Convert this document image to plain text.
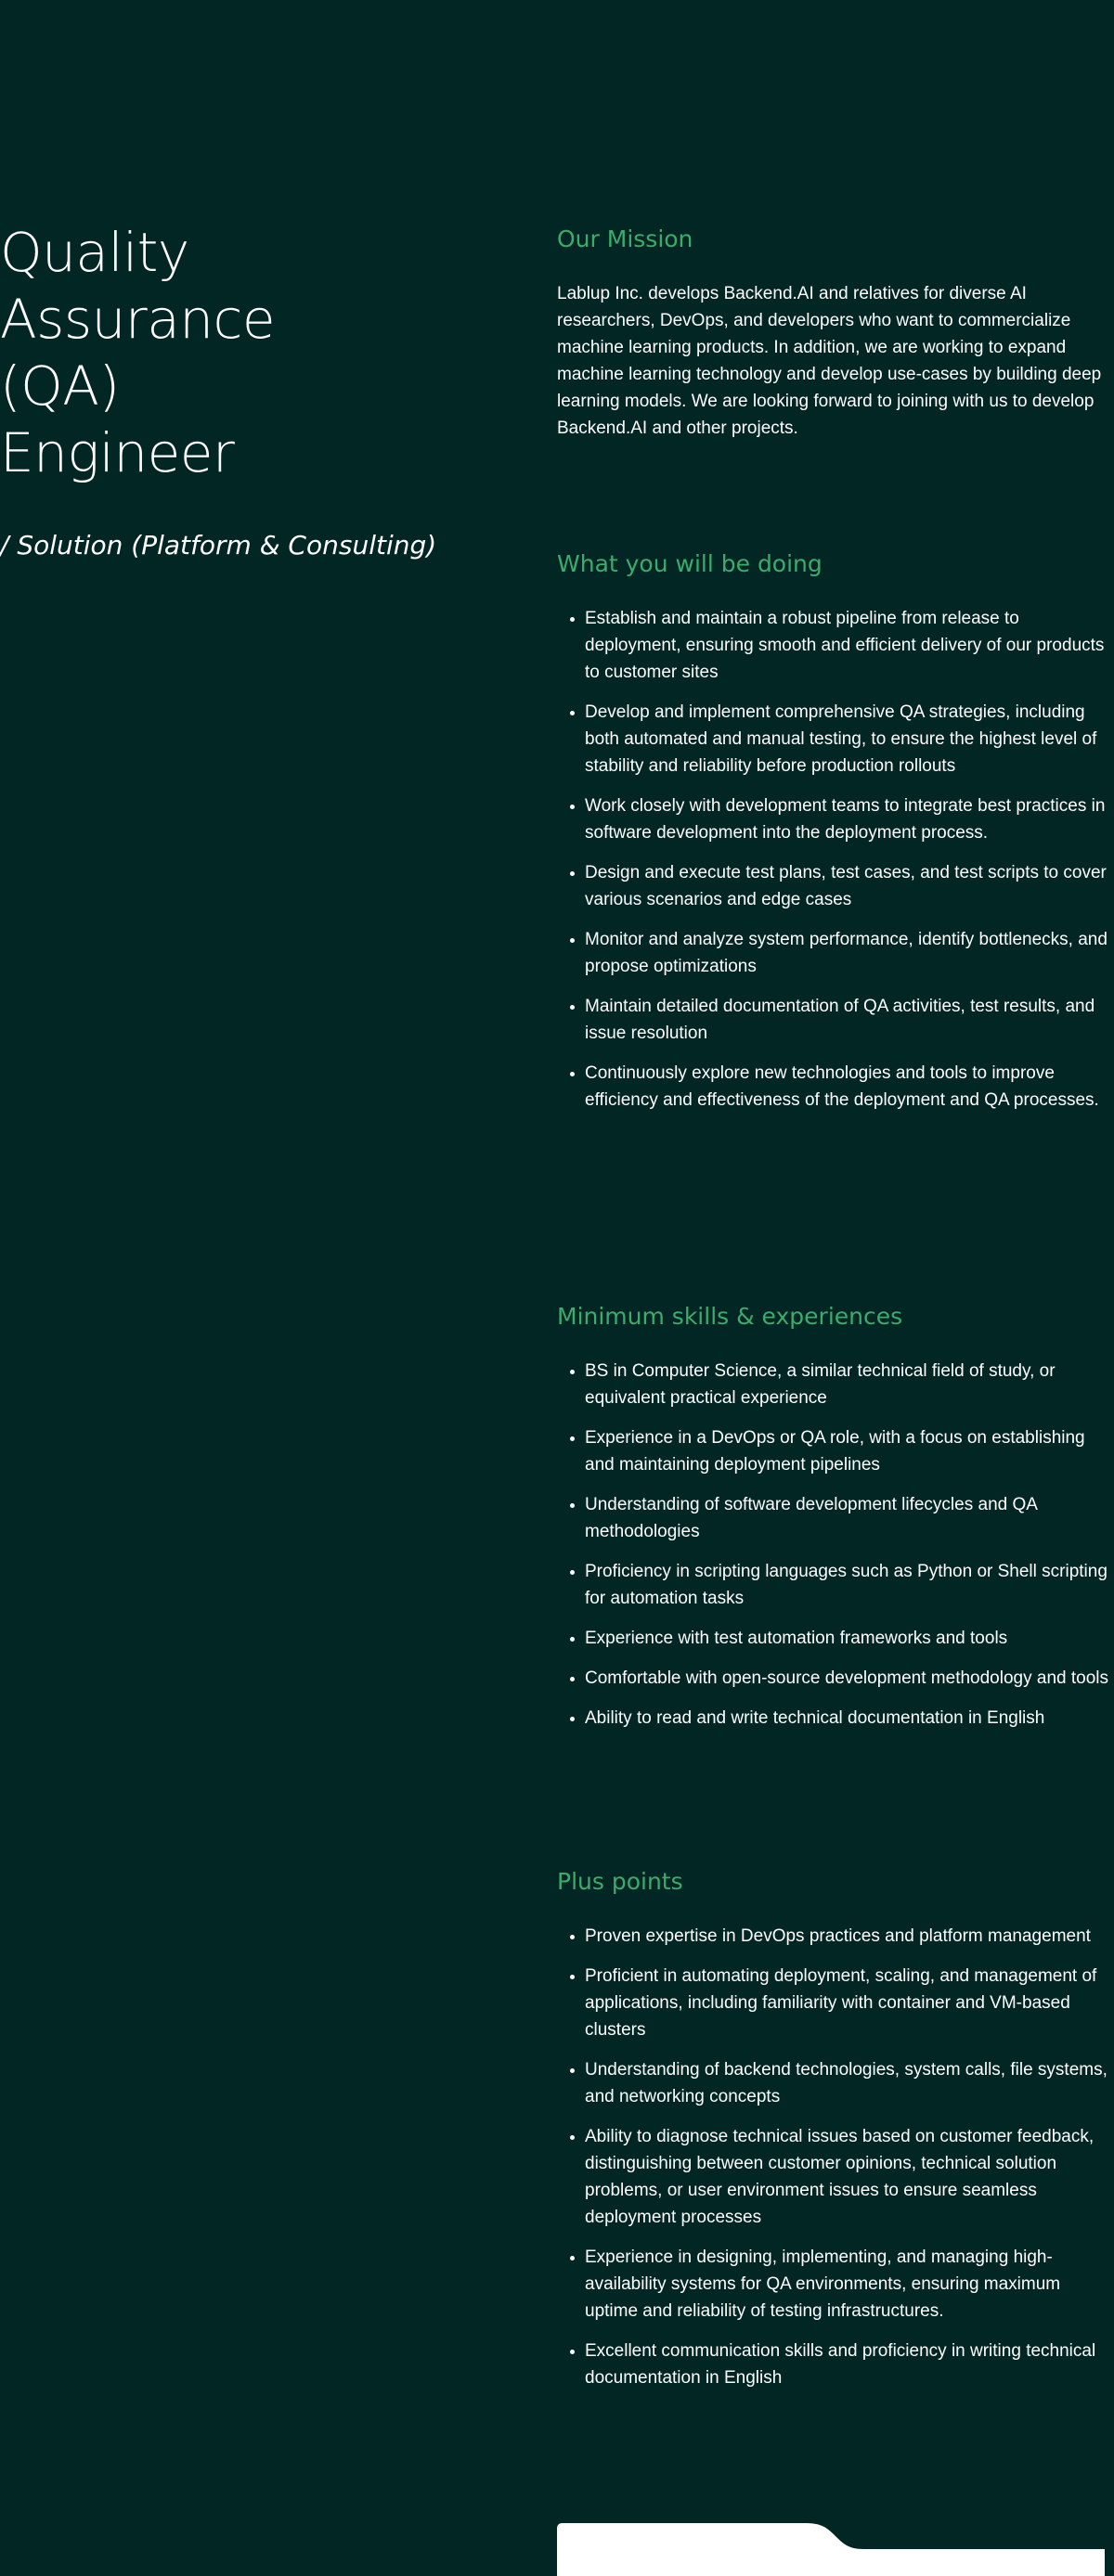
Quality
Assurance
(QA)
Engineer

/ Solution (Platform & Consulting)

Our Mission

Lablup Inc. develops Backend.AI and relatives for diverse AI researchers, DevOps, and developers who want to commercialize machine learning products. In addition, we are working to expand machine learning technology and develop use-cases by building deep learning models. We are looking forward to joining with us to develop Backend.AI and other projects.

What you will be doing
Establish and maintain a robust pipeline from release to deployment, ensuring smooth and efficient delivery of our products to customer sites
Develop and implement comprehensive QA strategies, including both automated and manual testing, to ensure the highest level of stability and reliability before production rollouts
Work closely with development teams to integrate best practices in software development into the deployment process.
Design and execute test plans, test cases, and test scripts to cover various scenarios and edge cases
Monitor and analyze system performance, identify bottlenecks, and propose optimizations
Maintain detailed documentation of QA activities, test results, and issue resolution
Continuously explore new technologies and tools to improve efficiency and effectiveness of the deployment and QA processes.
Minimum skills & experiences
BS in Computer Science, a similar technical field of study, or equivalent practical experience
Experience in a DevOps or QA role, with a focus on establishing and maintaining deployment pipelines
Understanding of software development lifecycles and QA methodologies
Proficiency in scripting languages such as Python or Shell scripting for automation tasks
Experience with test automation frameworks and tools
Comfortable with open-source development methodology and tools
Ability to read and write technical documentation in English
Plus points
Proven expertise in DevOps practices and platform management
Proficient in automating deployment, scaling, and management of applications, including familiarity with container and VM-based clusters
Understanding of backend technologies, system calls, file systems, and networking concepts
Ability to diagnose technical issues based on customer feedback, distinguishing between customer opinions, technical solution problems, or user environment issues to ensure seamless deployment processes
Experience in designing, implementing, and managing high-availability systems for QA environments, ensuring maximum uptime and reliability of testing infrastructures.
Excellent communication skills and proficiency in writing technical documentation in English
